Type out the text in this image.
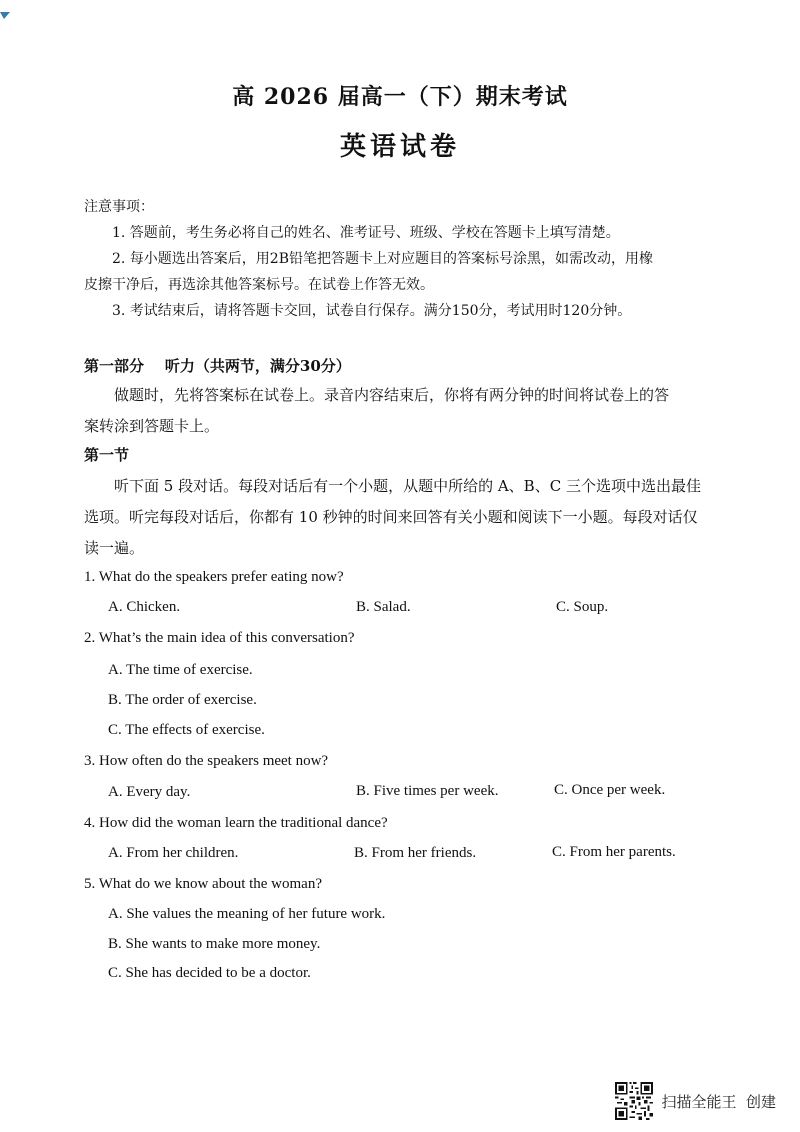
高 2026 届高一（下）期末考试
英语试卷

注意事项：

1. 答题前，考生务必将自己的姓名、准考证号、班级、学校在答题卡上填写清楚。

2. 每小题选出答案后，用2B铅笔把答题卡上对应题目的答案标号涂黑，如需改动，用橡

皮擦干净后，再选涂其他答案标号。在试卷上作答无效。

3. 考试结束后，请将答题卡交回，试卷自行保存。满分150分，考试用时120分钟。

第一部分    听力（共两节，满分30分）

做题时，先将答案标在试卷上。录音内容结束后，你将有两分钟的时间将试卷上的答

案转涂到答题卡上。

第一节

听下面 5 段对话。每段对话后有一个小题，从题中所给的 A、B、C 三个选项中选出最佳

选项。听完每段对话后，你都有 10 秒钟的时间来回答有关小题和阅读下一小题。每段对话仅

读一遍。

1. What do the speakers prefer eating now?
A. Chicken.	B. Salad.	C. Soup.
2. What’s the main idea of this conversation?
A. The time of exercise.
B. The order of exercise.
C. The effects of exercise.
3. How often do the speakers meet now?
A. Every day.	B. Five times per week.	C. Once per week.
4. How did the woman learn the traditional dance?
A. From her children.	B. From her friends.	C. From her parents.
5. What do we know about the woman?
A. She values the meaning of her future work.
B. She wants to make more money.
C. She has decided to be a doctor.
扫描全能王  创建
